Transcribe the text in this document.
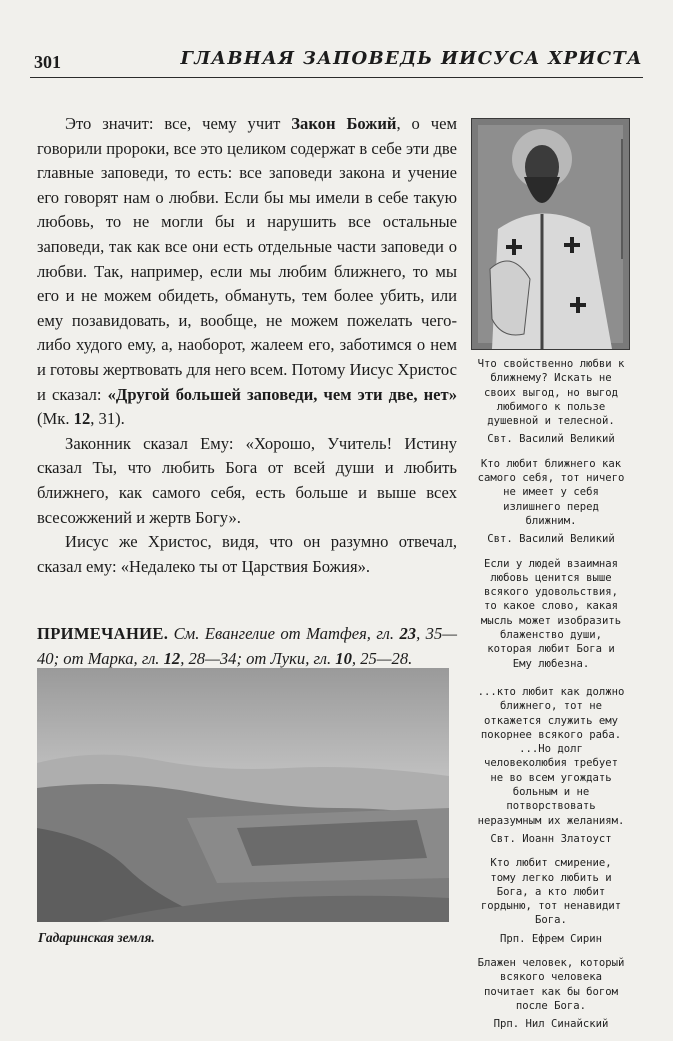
301	ГЛАВНАЯ ЗАПОВЕДЬ ИИСУСА ХРИСТА

Это значит: все, чему учит Закон Божий, о чем говорили пророки, все это целиком содержат в себе эти две главные заповеди, то есть: все заповеди закона и учение его говорят нам о любви. Если бы мы имели в себе такую любовь, то не могли бы и нарушить все остальные заповеди, так как все они есть отдельные части заповеди о любви. Так, например, если мы любим ближнего, то мы его и не можем обидеть, обмануть, тем более убить, или ему позавидовать, и, вообще, не можем пожелать чего-либо худого ему, а, наоборот, жалеем его, заботимся о нем и готовы жертвовать для него всем. Потому Иисус Христос и сказал: «Другой большей заповеди, чем эти две, нет» (Мк. 12, 31).

Законник сказал Ему: «Хорошо, Учитель! Истину сказал Ты, что любить Бога от всей души и любить ближнего, как самого себя, есть больше и выше всех всесожжений и жертв Богу».

Иисус же Христос, видя, что он разумно отвечал, сказал ему: «Недалеко ты от Царствия Божия».

ПРИМЕЧАНИЕ. См. Евангелие от Матфея, гл. 23, 35—40; от Марка, гл. 12, 28—34; от Луки, гл. 10, 25—28.

Что свойственно любви к ближнему? Искать не своих выгод, но выгод любимого к пользе душевной и телесной.

Свт. Василий Великий

Кто любит ближнего как самого себя, тот ничего не имеет у себя излишнего перед ближним.

Свт. Василий Великий

Если у людей взаимная любовь ценится выше всякого удовольствия, то какое слово, какая мысль может изобразить блаженство души, которая любит Бога и Ему любезна.

...кто любит как должно ближнего, тот не откажется служить ему покорнее всякого раба. ...Но долг человеколюбия требует не во всем угождать больным и не потворствовать неразумным их желаниям.

Свт. Иоанн Златоуст

Кто любит смирение, тому легко любить и Бога, а кто любит гордыню, тот ненавидит Бога.

Прп. Ефрем Сирин

Блажен человек, который всякого человека почитает как бы богом после Бога.

Прп. Нил Синайский

Гадаринская земля.
